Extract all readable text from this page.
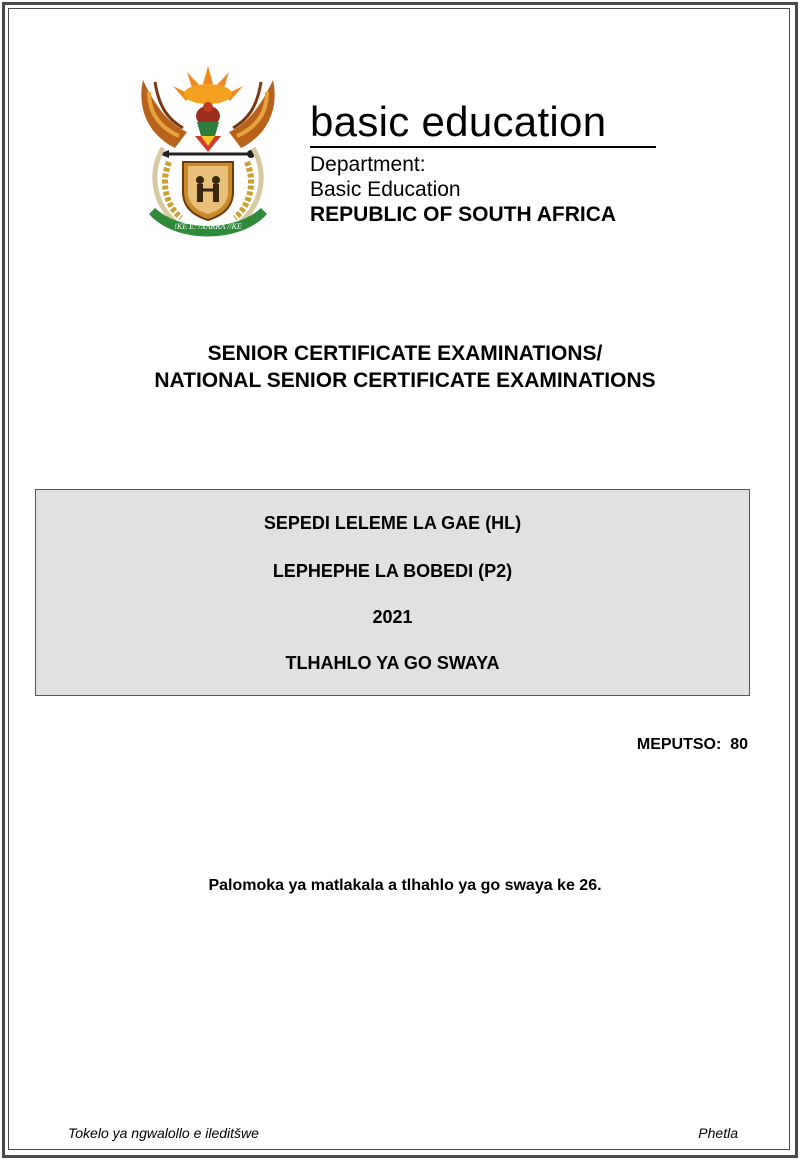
!KE E: /XARRA //KE
basic education
Department:
Basic Education
REPUBLIC OF SOUTH AFRICA
SENIOR CERTIFICATE EXAMINATIONS/
NATIONAL SENIOR CERTIFICATE EXAMINATIONS
SEPEDI LELEME LA GAE (HL)
LEPHEPHE LA BOBEDI (P2)
2021
TLHAHLO YA GO SWAYA
MEPUTSO: 80
Palomoka ya matlakala a tlhahlo ya go swaya ke 26.
Tokelo ya ngwalollo e ileditšwe	Phetla
